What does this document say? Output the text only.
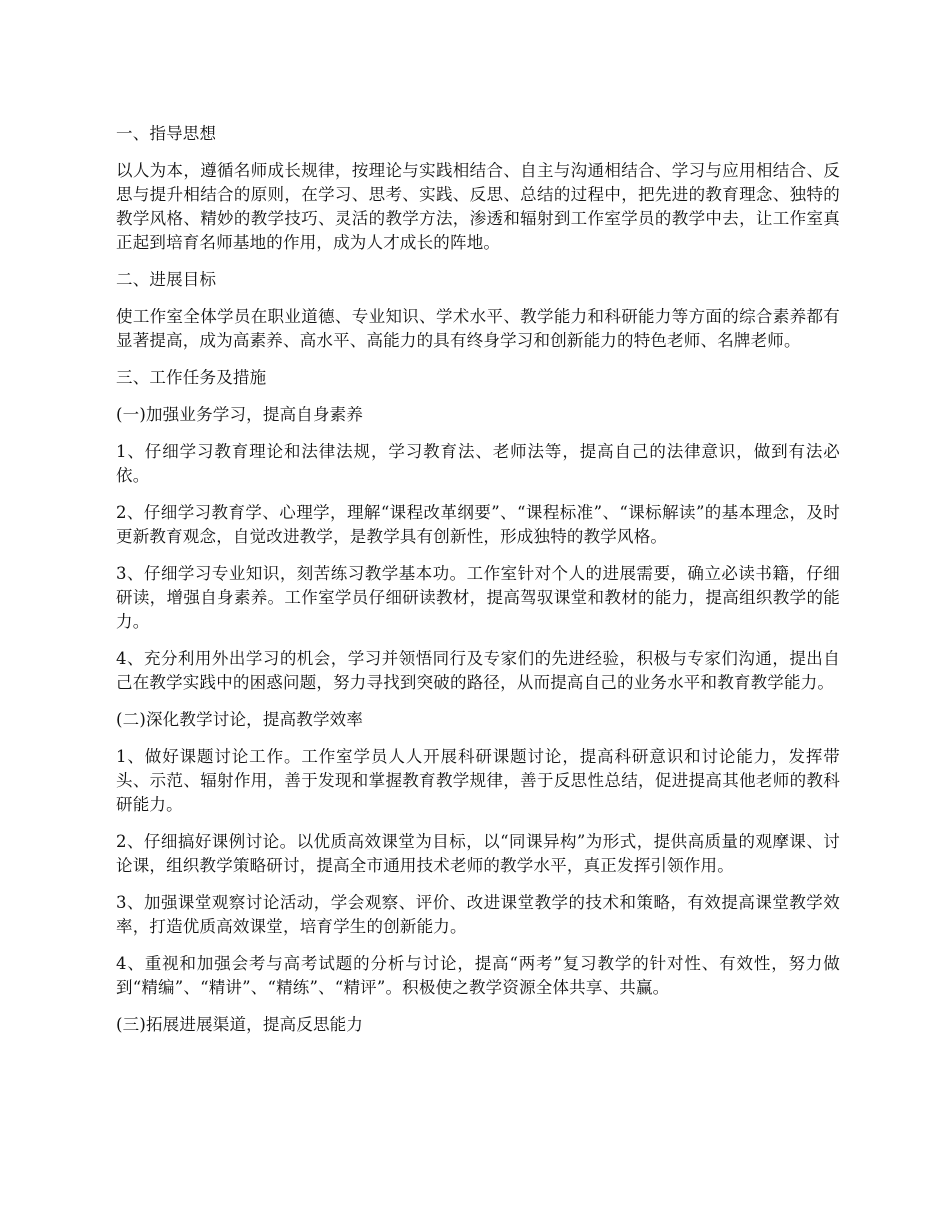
一、指导思想

以人为本，遵循名师成长规律，按理论与实践相结合、自主与沟通相结合、学习与应用相结合、反思与提升相结合的原则，在学习、思考、实践、反思、总结的过程中，把先进的教育理念、独特的教学风格、精妙的教学技巧、灵活的教学方法，渗透和辐射到工作室学员的教学中去，让工作室真正起到培育名师基地的作用，成为人才成长的阵地。

二、进展目标

使工作室全体学员在职业道德、专业知识、学术水平、教学能力和科研能力等方面的综合素养都有显著提高，成为高素养、高水平、高能力的具有终身学习和创新能力的特色老师、名牌老师。

三、工作任务及措施

(一)加强业务学习，提高自身素养

1、仔细学习教育理论和法律法规，学习教育法、老师法等，提高自己的法律意识，做到有法必依。

2、仔细学习教育学、心理学，理解“课程改革纲要”、“课程标准”、“课标解读”的基本理念，及时更新教育观念，自觉改进教学，是教学具有创新性，形成独特的教学风格。

3、仔细学习专业知识，刻苦练习教学基本功。工作室针对个人的进展需要，确立必读书籍，仔细研读，增强自身素养。工作室学员仔细研读教材，提高驾驭课堂和教材的能力，提高组织教学的能力。

4、充分利用外出学习的机会，学习并领悟同行及专家们的先进经验，积极与专家们沟通，提出自己在教学实践中的困惑问题，努力寻找到突破的路径，从而提高自己的业务水平和教育教学能力。

(二)深化教学讨论，提高教学效率

1、做好课题讨论工作。工作室学员人人开展科研课题讨论，提高科研意识和讨论能力，发挥带头、示范、辐射作用，善于发现和掌握教育教学规律，善于反思性总结，促进提高其他老师的教科研能力。

2、仔细搞好课例讨论。以优质高效课堂为目标，以“同课异构”为形式，提供高质量的观摩课、讨论课，组织教学策略研讨，提高全市通用技术老师的教学水平，真正发挥引领作用。

3、加强课堂观察讨论活动，学会观察、评价、改进课堂教学的技术和策略，有效提高课堂教学效率，打造优质高效课堂，培育学生的创新能力。

4、重视和加强会考与高考试题的分析与讨论，提高“两考”复习教学的针对性、有效性，努力做到“精编”、“精讲”、“精练”、“精评”。积极使之教学资源全体共享、共赢。

(三)拓展进展渠道，提高反思能力
